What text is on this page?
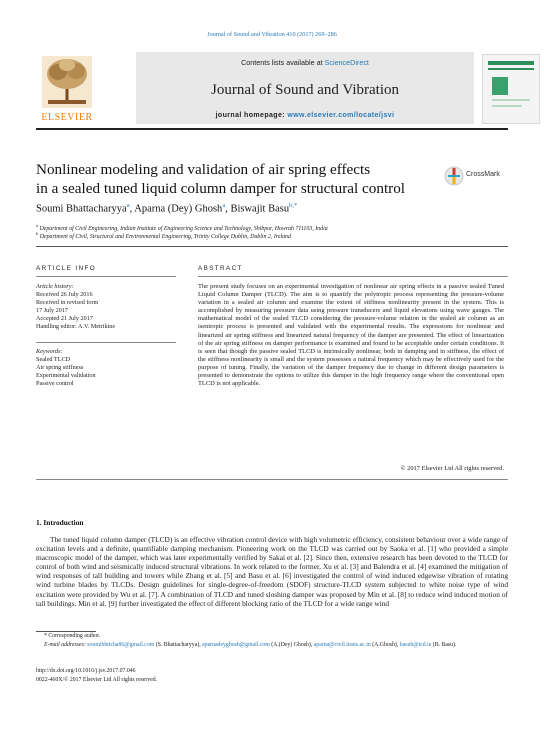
Journal of Sound and Vibration 410 (2017) 269–286
ELSEVIER
Contents lists available at ScienceDirect
Journal of Sound and Vibration
journal homepage: www.elsevier.com/locate/jsvi
Nonlinear modeling and validation of air spring effects
in a sealed tuned liquid column damper for structural control
CrossMark
Soumi Bhattacharyya$^a$, Aparna (Dey) Ghosh$^a$, Biswajit Basu$^{b,*}$
$^a$ Department of Civil Engineering, Indian Institute of Engineering Science and Technology, Shibpur, Howrah 711103, India
$^b$ Department of Civil, Structural and Environmental Engineering, Trinity College Dublin, Dublin 2, Ireland
ARTICLE INFO	ABSTRACT
Article history:
Received 26 July 2016
Received in revised form
17 July 2017
Accepted 21 July 2017
Handling editor: A.V. Metrikine
Keywords:
Sealed TLCD
Air spring stiffness
Experimental validation
Passive control
The present study focuses on an experimental investigation of nonlinear air spring effects in a passive sealed Tuned Liquid Column Damper (TLCD). The aim is to quantify the polytropic process representing the pressure-volume variation in a sealed air column and examine the extent of stiffness nonlinearity present in the system. This is accomplished by measuring pressure data using pressure transducers and liquid elevations using wave gauges. The mathematical model of the sealed TLCD considering the pressure-volume relation in the sealed air column as an isentropic process is presented and validated with the experimental results. The expressions for nonlinear and linearized air spring stiffness and linearized natural frequency of the damper are presented. The effect of linearization of the air spring stiffness on damper performance is examined and found to be acceptable under certain conditions. It is seen that though the passive sealed TLCD is intrinsically nonlinear, both in damping and in stiffness, the effect of the stiffness nonlinearity is small and the system possesses a natural frequency which may be effectively used for the purpose of tuning. Finally, the variation of the damper frequency due to change in different design parameters is presented to demonstrate the options to utilize this damper in the high frequency range where the conventional open TLCD is not applicable.
© 2017 Elsevier Ltd All rights reserved.
1. Introduction
The tuned liquid column damper (TLCD) is an effective vibration control device with high volumetric efficiency, consistent behaviour over a wide range of excitation levels and a definite, quantifiable damping mechanism. Pioneering work on the TLCD was carried out by Saoka et al. [1] who provided a simple macroscopic model of the damper, which was later experimentally verified by Sakai et al. [2]. Since then, extensive research has been devoted to the TLCD for control of both wind and seismically induced structural vibrations. In work related to the former, Xu et al. [3] and Balendra et al. [4] examined the mitigation of wind responses of tall building and towers while Zhang et al. [5] and Basu et al. [6] investigated the control of wind induced edgewise vibration of rotating wind turbine blades by TLCDs. Design guidelines for single-degree-of-freedom (SDOF) structure-TLCD system subjected to white noise type of wind excitation were provided by Wu et al. [7]. A combination of TLCD and tuned sloshing damper was proposed by Min et al. [8] to reduce wind induced motion of tall buildings. Min et al. [9] further investigated the effect of different blocking ratio of the TLCD for a wide range wind
* Corresponding author.
E-mail addresses: soumibhttcha86@gmail.com (S. Bhattacharyya), aparnadeyghosh@gmail.com (A.(Dey) Ghosh), aparna@civil.iiests.ac.in (A.Ghosh), basub@tcd.ie (B. Basu).
http://dx.doi.org/10.1016/j.jsv.2017.07.046
0022-460X/© 2017 Elsevier Ltd All rights reserved.
